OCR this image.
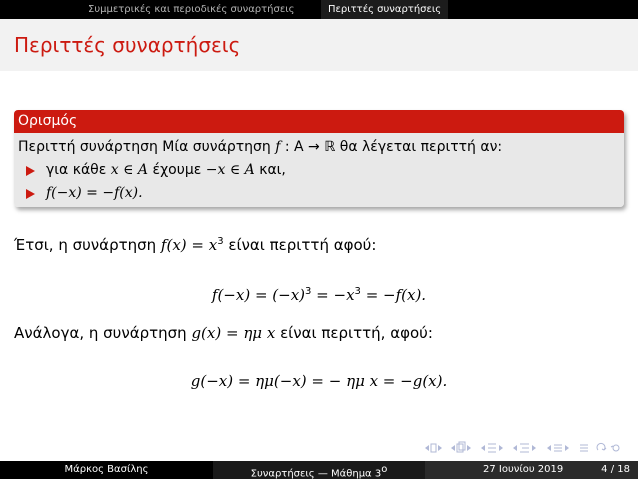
Συμμετρικές και περιοδικές συναρτήσεις	Περιττές συναρτήσεις
Περιττές συναρτήσεις
Ορισμός
Περιττή συνάρτηση Μία συνάρτηση f : A → ℝ θα λέγεται περιττή αν:
για κάθε x ∈ A έχουμε −x ∈ A και,
f(−x) = −f(x).
Έτσι, η συνάρτηση $f(x) = x^3$ είναι περιττή αφού:
$f(-x) = (-x)^3 = -x^3 = -f(x)$.
Ανάλογα, η συνάρτηση g(x) = ημ x είναι περιττή, αφού:
g(−x) = ημ(−x) = − ημ x = −g(x).
Μάρκος Βασίλης	Συναρτήσεις — Μάθημα $3^o$	27 Ιουνίου 2019	4 / 18
